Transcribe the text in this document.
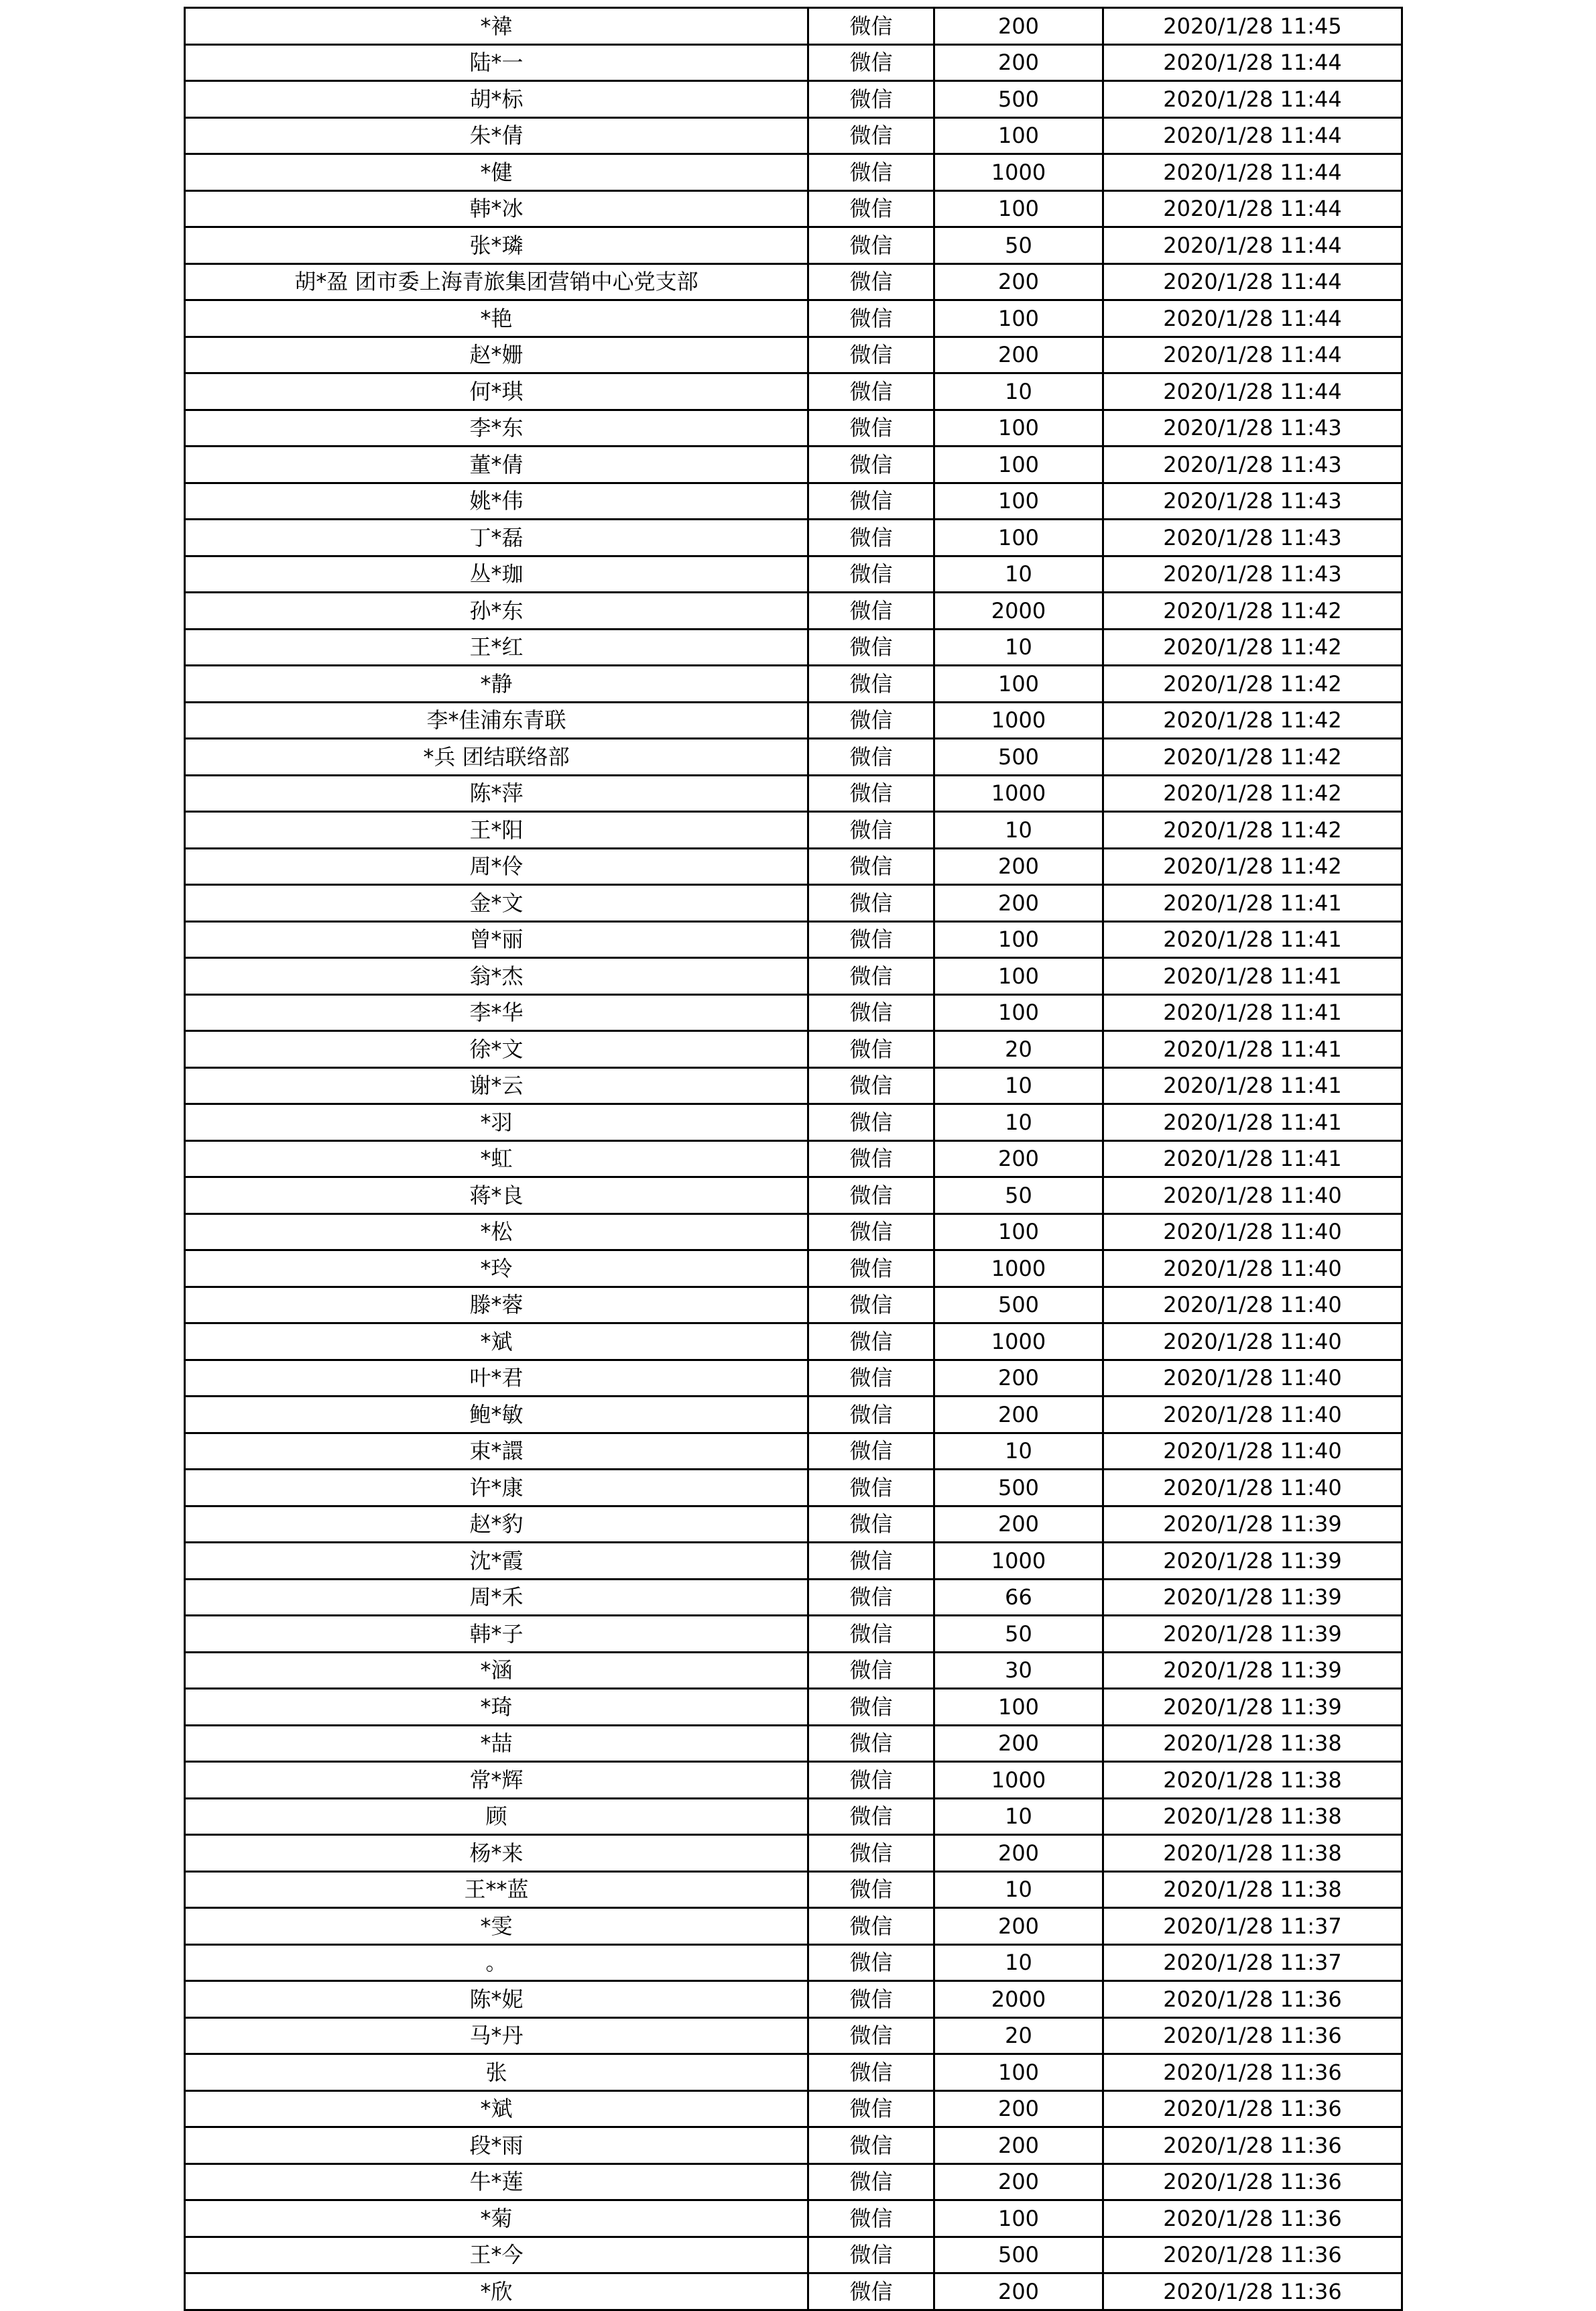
*褘	微信	200	2020/1/28 11:45
陆*一	微信	200	2020/1/28 11:44
胡*标	微信	500	2020/1/28 11:44
朱*倩	微信	100	2020/1/28 11:44
*健	微信	1000	2020/1/28 11:44
韩*冰	微信	100	2020/1/28 11:44
张*璘	微信	50	2020/1/28 11:44
胡*盈 团市委上海青旅集团营销中心党支部	微信	200	2020/1/28 11:44
*艳	微信	100	2020/1/28 11:44
赵*姗	微信	200	2020/1/28 11:44
何*琪	微信	10	2020/1/28 11:44
李*东	微信	100	2020/1/28 11:43
董*倩	微信	100	2020/1/28 11:43
姚*伟	微信	100	2020/1/28 11:43
丁*磊	微信	100	2020/1/28 11:43
丛*珈	微信	10	2020/1/28 11:43
孙*东	微信	2000	2020/1/28 11:42
王*红	微信	10	2020/1/28 11:42
*静	微信	100	2020/1/28 11:42
李*佳浦东青联	微信	1000	2020/1/28 11:42
*兵 团结联络部	微信	500	2020/1/28 11:42
陈*萍	微信	1000	2020/1/28 11:42
王*阳	微信	10	2020/1/28 11:42
周*伶	微信	200	2020/1/28 11:42
金*文	微信	200	2020/1/28 11:41
曾*丽	微信	100	2020/1/28 11:41
翁*杰	微信	100	2020/1/28 11:41
李*华	微信	100	2020/1/28 11:41
徐*文	微信	20	2020/1/28 11:41
谢*云	微信	10	2020/1/28 11:41
*羽	微信	10	2020/1/28 11:41
*虹	微信	200	2020/1/28 11:41
蒋*良	微信	50	2020/1/28 11:40
*松	微信	100	2020/1/28 11:40
*玲	微信	1000	2020/1/28 11:40
滕*蓉	微信	500	2020/1/28 11:40
*斌	微信	1000	2020/1/28 11:40
叶*君	微信	200	2020/1/28 11:40
鲍*敏	微信	200	2020/1/28 11:40
束*譞	微信	10	2020/1/28 11:40
许*康	微信	500	2020/1/28 11:40
赵*豹	微信	200	2020/1/28 11:39
沈*霞	微信	1000	2020/1/28 11:39
周*禾	微信	66	2020/1/28 11:39
韩*子	微信	50	2020/1/28 11:39
*涵	微信	30	2020/1/28 11:39
*琦	微信	100	2020/1/28 11:39
*喆	微信	200	2020/1/28 11:38
常*辉	微信	1000	2020/1/28 11:38
顾	微信	10	2020/1/28 11:38
杨*来	微信	200	2020/1/28 11:38
王**蓝	微信	10	2020/1/28 11:38
*雯	微信	200	2020/1/28 11:37
。	微信	10	2020/1/28 11:37
陈*妮	微信	2000	2020/1/28 11:36
马*丹	微信	20	2020/1/28 11:36
张	微信	100	2020/1/28 11:36
*斌	微信	200	2020/1/28 11:36
段*雨	微信	200	2020/1/28 11:36
牛*莲	微信	200	2020/1/28 11:36
*菊	微信	100	2020/1/28 11:36
王*今	微信	500	2020/1/28 11:36
*欣	微信	200	2020/1/28 11:36
